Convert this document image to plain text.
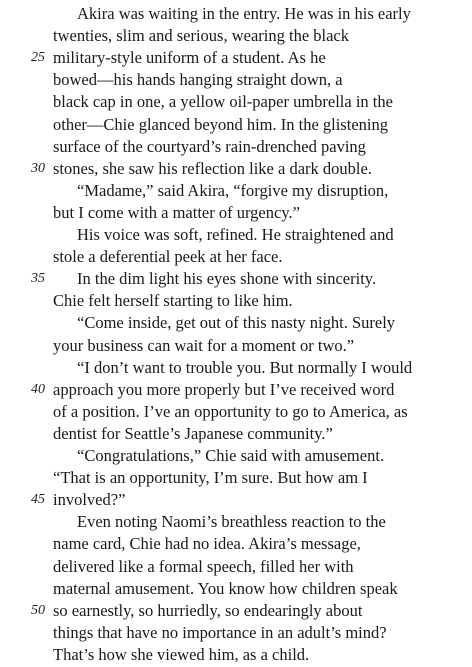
Akira was waiting in the entry. He was in his early
twenties, slim and serious, wearing the black
military-style uniform of a student. As he
25
bowed—his hands hanging straight down, a
black cap in one, a yellow oil-paper umbrella in the
other—Chie glanced beyond him. In the glistening
surface of the courtyard’s rain-drenched paving
stones, she saw his reflection like a dark double.
30
“Madame,” said Akira, “forgive my disruption,
but I come with a matter of urgency.”
His voice was soft, refined. He straightened and
stole a deferential peek at her face.
In the dim light his eyes shone with sincerity.
35
Chie felt herself starting to like him.
“Come inside, get out of this nasty night. Surely
your business can wait for a moment or two.”
“I don’t want to trouble you. But normally I would
approach you more properly but I’ve received word
40
of a position. I’ve an opportunity to go to America, as
dentist for Seattle’s Japanese community.”
“Congratulations,” Chie said with amusement.
“That is an opportunity, I’m sure. But how am I
involved?”
45
Even noting Naomi’s breathless reaction to the
name card, Chie had no idea. Akira’s message,
delivered like a formal speech, filled her with
maternal amusement. You know how children speak
so earnestly, so hurriedly, so endearingly about
50
things that have no importance in an adult’s mind?
That’s how she viewed him, as a child.
